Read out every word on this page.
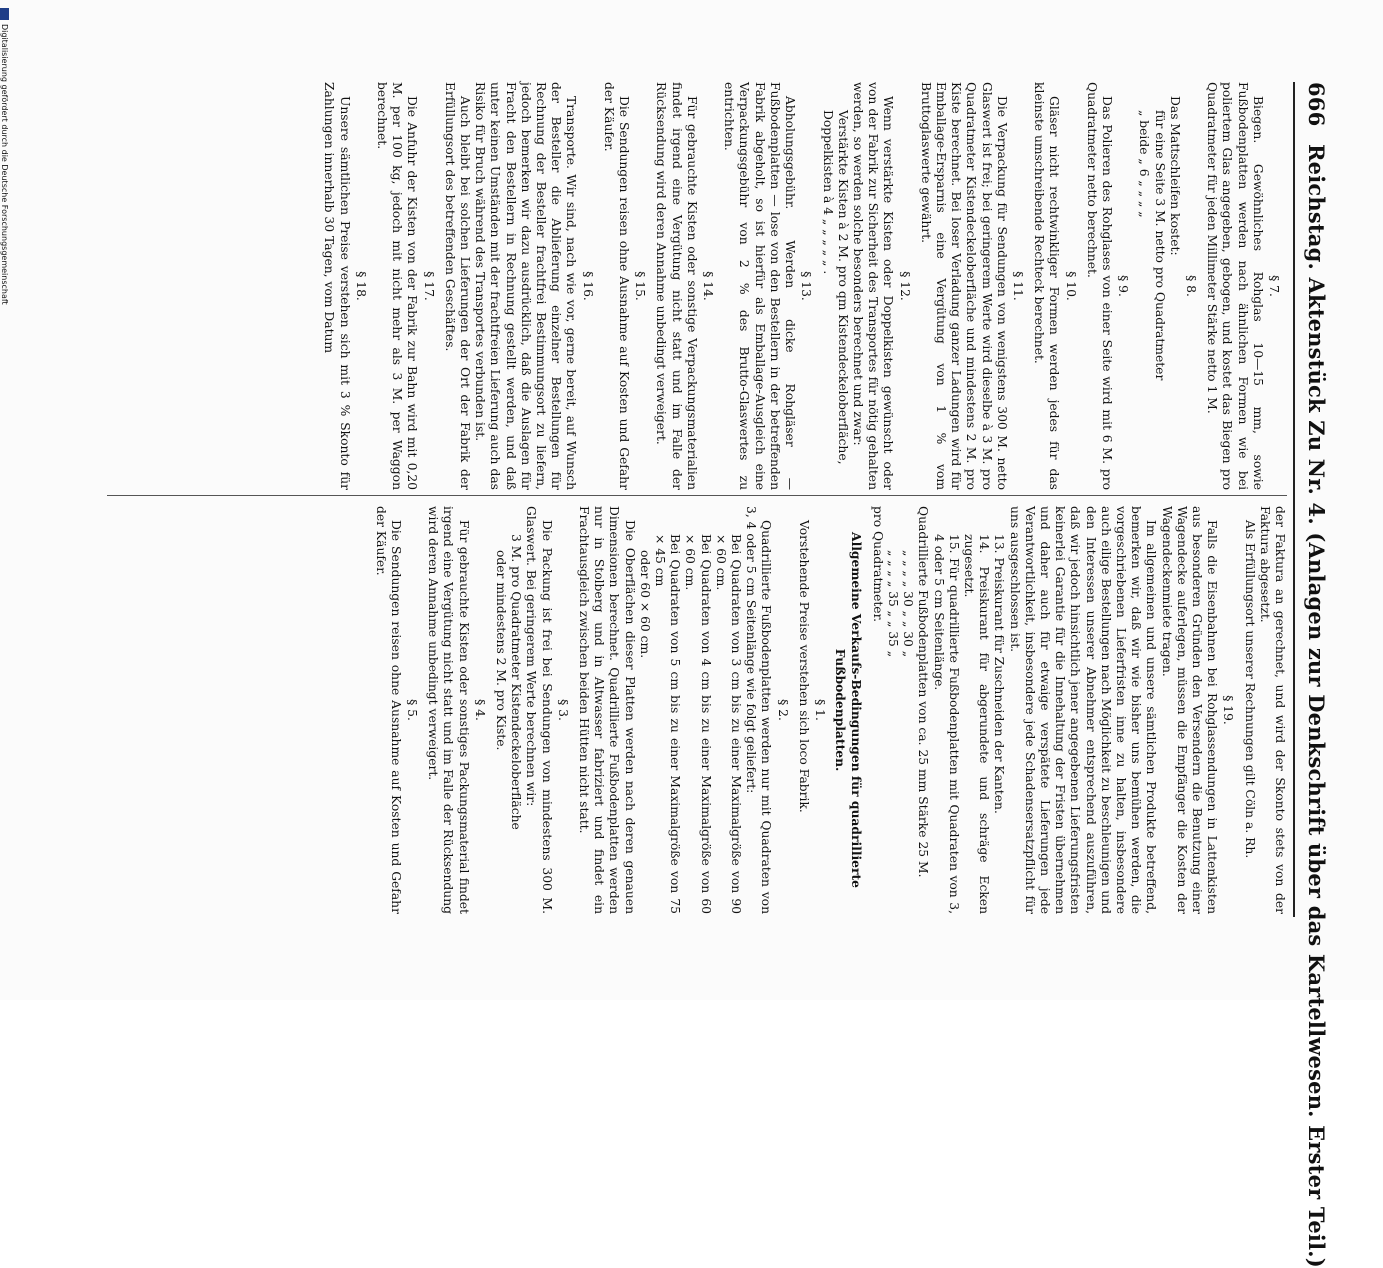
666
Reichstag. Aktenstück Zu Nr. 4. (Anlagen zur Denkschrift über das Kartellwesen. Erster Teil.)
§ 7.

Biegen. Gewöhnliches Rohglas 10—15 mm, sowie Fußbodenplatten werden nach ähnlichen Formen wie bei poliertem Glas angegeben, gebogen, und kostet das Biegen pro Quadratmeter für jeden Millimeter Stärke netto 1 M.

§ 8.

Das Mattschleifen kostet:

für eine Seite 3 M. netto pro Quadratmeter

„ beide „ 6 „ „ „ „

§ 9.

Das Polieren des Rohglases von einer Seite wird mit 6 M. pro Quadratmeter netto berechnet.

§ 10.

Gläser nicht rechtwinkliger Formen werden jedes für das kleinste umschreibende Rechteck berechnet.

§ 11.

Die Verpackung für Sendungen von wenigstens 300 M. netto Glaswert ist frei; bei geringerem Werte wird dieselbe à 3 M. pro Quadratmeter Kistendeckeloberfläche und mindestens 2 M. pro Kiste berechnet. Bei loser Verladung ganzer Ladungen wird für Emballage-Ersparnis eine Vergütung von 1 % vom Bruttoglaswerte gewährt.

§ 12.

Wenn verstärkte Kisten oder Doppelkisten gewünscht oder von der Fabrik zur Sicherheit des Transportes für nötig gehalten werden, so werden solche besonders berechnet und zwar:

Verstärkte Kisten à 2 M. pro qm Kistendeckeloberfläche,

Doppelkisten à 4 „ „ „ „ „ .

§ 13.

Abholungsgebühr. Werden dicke Rohgläser — Fußbodenplatten — lose von den Bestellern in der betreffenden Fabrik abgeholt, so ist hierfür als Emballage-Ausgleich eine Verpackungsgebühr von 2 % des Brutto-Glaswertes zu entrichten.

§ 14.

Für gebrauchte Kisten oder sonstige Verpackungsmaterialien findet irgend eine Vergütung nicht statt und im Falle der Rücksendung wird deren Annahme unbedingt verweigert.

§ 15.

Die Sendungen reisen ohne Ausnahme auf Kosten und Gefahr der Käufer.

§ 16.

Transporte. Wir sind, nach wie vor, gerne bereit, auf Wunsch der Besteller die Ablieferung einzelner Bestellungen für Rechnung der Besteller frachtfrei Bestimmungsort zu liefern, jedoch bemerken wir dazu ausdrücklich, daß die Auslagen für Fracht den Bestellern in Rechnung gestellt werden, und daß unter keinen Umständen mit der frachtfreien Lieferung auch das Risiko für Bruch während des Transportes verbunden ist.

Auch bleibt bei solchen Lieferungen der Ort der Fabrik der Erfüllungsort des betreffenden Geschäftes.

§ 17.

Die Anfuhr der Kisten von der Fabrik zur Bahn wird mit 0,20 M. per 100 kg, jedoch mit nicht mehr als 3 M. per Waggon berechnet.

§ 18.

Unsere sämtlichen Preise verstehen sich mit 3 % Skonto für Zahlungen innerhalb 30 Tagen, vom Datum

der Faktura an gerechnet, und wird der Skonto stets von der Faktura abgesetzt.

Als Erfüllungsort unserer Rechnungen gilt Cöln a. Rh.

§ 19.

Falls die Eisenbahnen bei Rohglassendungen in Lattenkisten aus besonderen Gründen den Versendern die Benutzung einer Wagendecke auferlegen, müssen die Empfänger die Kosten der Wagendeckenmiete tragen.

Im allgemeinen und unsere sämtlichen Produkte betreffend, bemerken wir, daß wir wie bisher uns bemühen werden, die vorgeschriebenen Lieferfristen inne zu halten, insbesondere auch eilige Bestellungen nach Möglichkeit zu beschleunigen und den Interessen unserer Abnehmer entsprechend auszuführen, daß wir jedoch hinsichtlich jener angegebenen Lieferungsfristen keinerlei Garantie für die Innehaltung der Fristen übernehmen und daher auch für etwaige verspätete Lieferungen jede Verantwortlichkeit, insbesondere jede Schadensersatzpflicht für uns ausgeschlossen ist.

13. Preiskurant für Zuschneiden der Kanten.

14. Preiskurant für abgerundete und schräge Ecken zugesetzt.

15. Für quadrillierte Fußbodenplatten mit Quadraten von 3, 4 oder 5 cm Seitenlänge.

Quadrillierte Fußbodenplatten von ca. 25 mm Stärke 25 M.

„ „ „ „ 30 „ „ 30 „

„ „ „ „ 35 „ „ 35 „

pro Quadratmeter.

Allgemeine Verkaufs-Bedingungen für quadrillierte Fußbodenplatten.
§ 1.

Vorstehende Preise verstehen sich loco Fabrik.

§ 2.

Quadrillierte Fußbodenplatten werden nur mit Quadraten von 3, 4 oder 5 cm Seitenlänge wie folgt geliefert:

Bei Quadraten von 3 cm bis zu einer Maximalgröße von 90 × 60 cm.

Bei Quadraten von 4 cm bis zu einer Maximalgröße von 60 × 60 cm.

Bei Quadraten von 5 cm bis zu einer Maximalgröße von 75 × 45 cm

oder 60 × 60 cm.

Die Oberflächen dieser Platten werden nach deren genauen Dimensionen berechnet. Quadrillierte Fußbodenplatten werden nur in Stolberg und in Altwasser fabriziert und findet ein Frachtausgleich zwischen beiden Hütten nicht statt.

§ 3.

Die Packung ist frei bei Sendungen von mindestens 300 M. Glaswert. Bei geringerem Werte berechnen wir:

3 M. pro Quadratmeter Kistendeckeloberfläche

oder mindestens 2 M. pro Kiste.

§ 4.

Für gebrauchte Kisten oder sonstiges Packungsmaterial findet irgend eine Vergütung nicht statt und im Falle der Rücksendung wird deren Annahme unbedingt verweigert.

§ 5.

Die Sendungen reisen ohne Ausnahme auf Kosten und Gefahr der Käufer.

Digitalisierung gefördert durch die Deutsche Forschungsgemeinschaft
